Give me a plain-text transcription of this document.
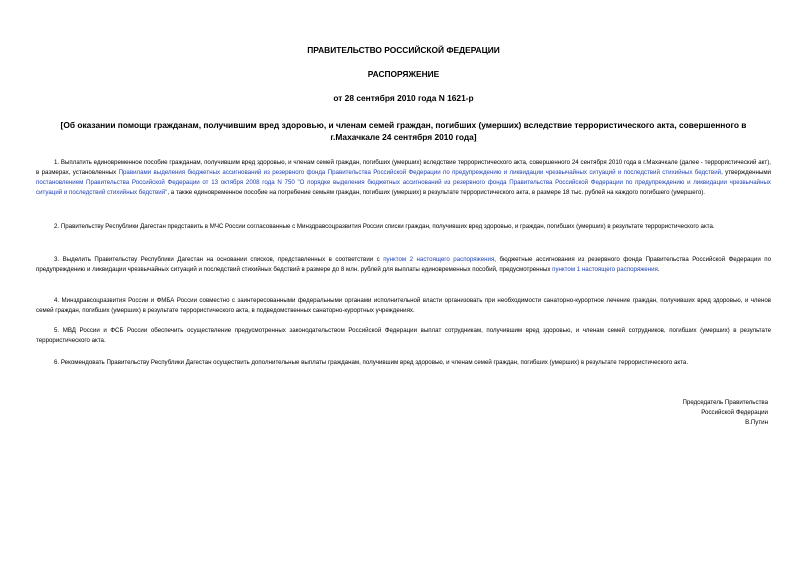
ПРАВИТЕЛЬСТВО РОССИЙСКОЙ ФЕДЕРАЦИИ
РАСПОРЯЖЕНИЕ
от 28 сентября 2010 года N 1621-р
[Об оказании помощи гражданам, получившим вред здоровью, и членам семей граждан, погибших (умерших) вследствие террористического акта, совершенного в г.Махачкале 24 сентября 2010 года]
1. Выплатить единовременное пособие гражданам, получившим вред здоровью, и членам семей граждан, погибших (умерших) вследствие террористического акта, совершенного 24 сентября 2010 года в г.Махачкале (далее - террористический акт), в размерах, установленных Правилами выделения бюджетных ассигнований из резервного фонда Правительства Российской Федерации по предупреждению и ликвидации чрезвычайных ситуаций и последствий стихийных бедствий, утвержденными постановлением Правительства Российской Федерации от 13 октября 2008 года N 750 "О порядке выделения бюджетных ассигнований из резервного фонда Правительства Российской Федерации по предупреждению и ликвидации чрезвычайных ситуаций и последствий стихийных бедствий", а также единовременное пособие на погребение семьям граждан, погибших (умерших) в результате террористического акта, в размере 18 тыс. рублей на каждого погибшего (умершего).
2. Правительству Республики Дагестан представить в МЧС России согласованные с Минздравсоцразвития России списки граждан, получивших вред здоровью, и граждан, погибших (умерших) в результате террористического акта.
3. Выделить Правительству Республики Дагестан на основании списков, представленных в соответствии с пунктом 2 настоящего распоряжения, бюджетные ассигнования из резервного фонда Правительства Российской Федерации по предупреждению и ликвидации чрезвычайных ситуаций и последствий стихийных бедствий в размере до 8 млн. рублей для выплаты единовременных пособий, предусмотренных пунктом 1 настоящего распоряжения.
4. Минздравсоцразвития России и ФМБА России совместно с заинтересованными федеральными органами исполнительной власти организовать при необходимости санаторно-курортное лечение граждан, получивших вред здоровью, и членов семей граждан, погибших (умерших) в результате террористического акта, в подведомственных санаторно-курортных учреждениях.
5. МВД России и ФСБ России обеспечить осуществление предусмотренных законодательством Российской Федерации выплат сотрудникам, получившим вред здоровью, и членам семей сотрудников, погибших (умерших) в результате террористического акта.
6. Рекомендовать Правительству Республики Дагестан осуществить дополнительные выплаты гражданам, получившим вред здоровью, и членам семей граждан, погибших (умерших) в результате террористического акта.
Председатель Правительства
Российской Федерации
В.Путин
